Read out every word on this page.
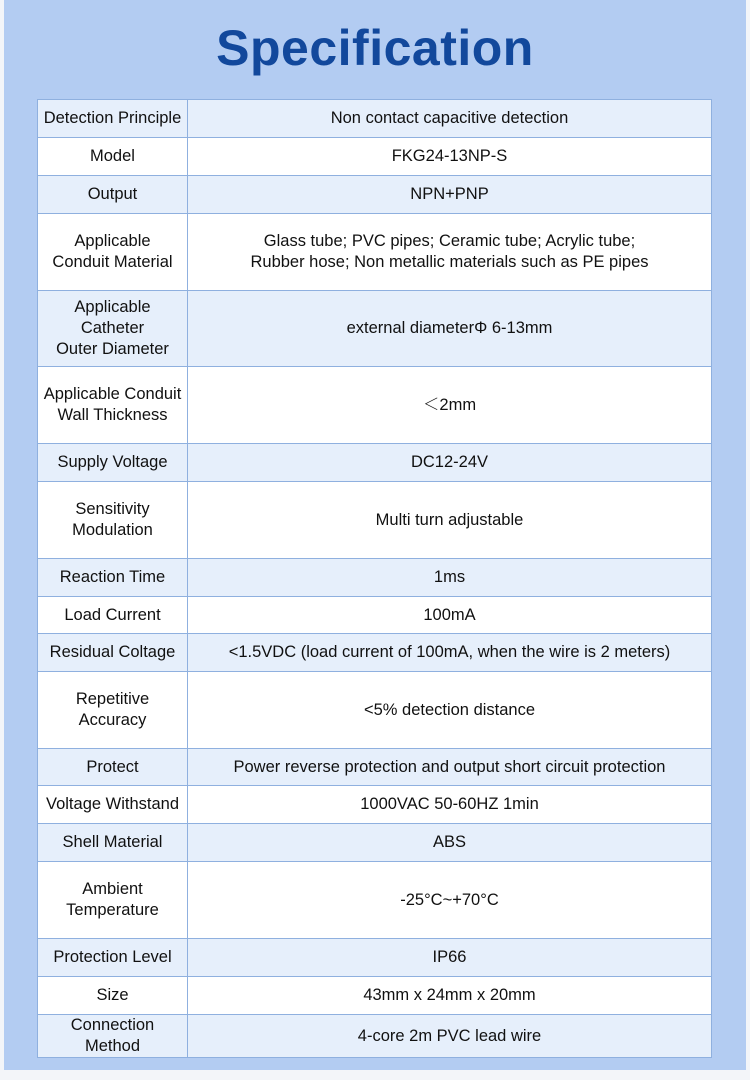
Specification
Detection Principle	Non contact capacitive detection
Model	FKG24-13NP-S
Output	NPN+PNP
Applicable
Conduit Material	Glass tube; PVC pipes; Ceramic tube; Acrylic tube;
Rubber hose; Non metallic materials such as PE pipes
Applicable Catheter
Outer Diameter	external diameterΦ 6-13mm
Applicable Conduit
Wall Thickness	＜2mm
Supply Voltage	DC12-24V
Sensitivity
Modulation	Multi turn adjustable
Reaction Time	1ms
Load Current	100mA
Residual Coltage	<1.5VDC (load current of 100mA, when the wire is 2 meters)
Repetitive
Accuracy	<5% detection distance
Protect	Power reverse protection and output short circuit protection
Voltage Withstand	1000VAC 50-60HZ 1min
Shell Material	ABS
Ambient
Temperature	-25°C~+70°C
Protection Level	IP66
Size	43mm x 24mm x 20mm
Connection Method	4-core 2m PVC lead wire
